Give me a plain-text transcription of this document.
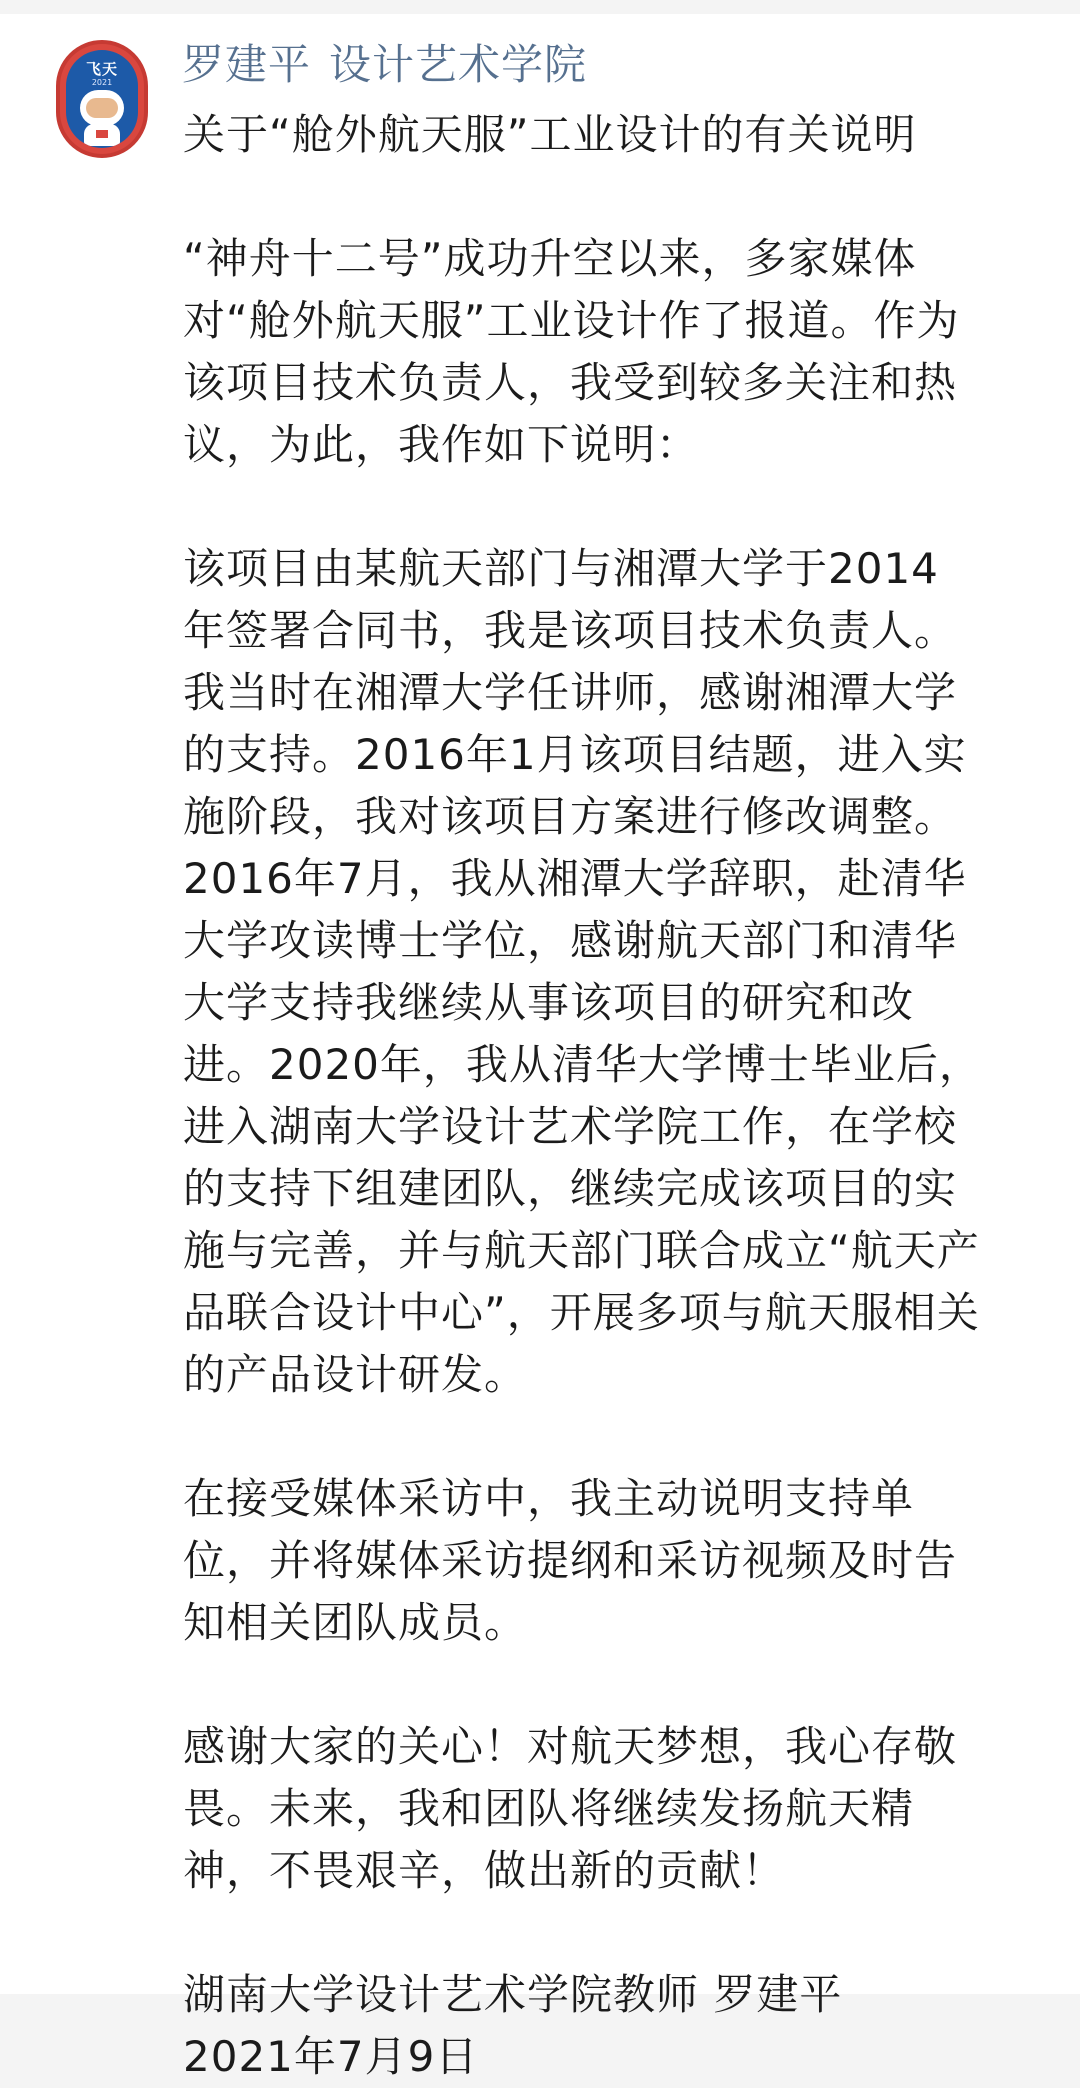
飞天
2021	罗建平 设计艺术学院

关于“舱外航天服”工业设计的有关说明

“神舟十二号”成功升空以来，多家媒体
对“舱外航天服”工业设计作了报道。作为
该项目技术负责人，我受到较多关注和热
议，为此，我作如下说明：

该项目由某航天部门与湘潭大学于2014
年签署合同书，我是该项目技术负责人。
我当时在湘潭大学任讲师，感谢湘潭大学
的支持。2016年1月该项目结题，进入实
施阶段，我对该项目方案进行修改调整。
2016年7月，我从湘潭大学辞职，赴清华
大学攻读博士学位，感谢航天部门和清华
大学支持我继续从事该项目的研究和改
进。2020年，我从清华大学博士毕业后，
进入湖南大学设计艺术学院工作，在学校
的支持下组建团队，继续完成该项目的实
施与完善，并与航天部门联合成立“航天产
品联合设计中心”，开展多项与航天服相关
的产品设计研发。

在接受媒体采访中，我主动说明支持单
位，并将媒体采访提纲和采访视频及时告
知相关团队成员。

感谢大家的关心！对航天梦想，我心存敬
畏。未来，我和团队将继续发扬航天精
神，不畏艰辛，做出新的贡献！

湖南大学设计艺术学院教师 罗建平

2021年7月9日
